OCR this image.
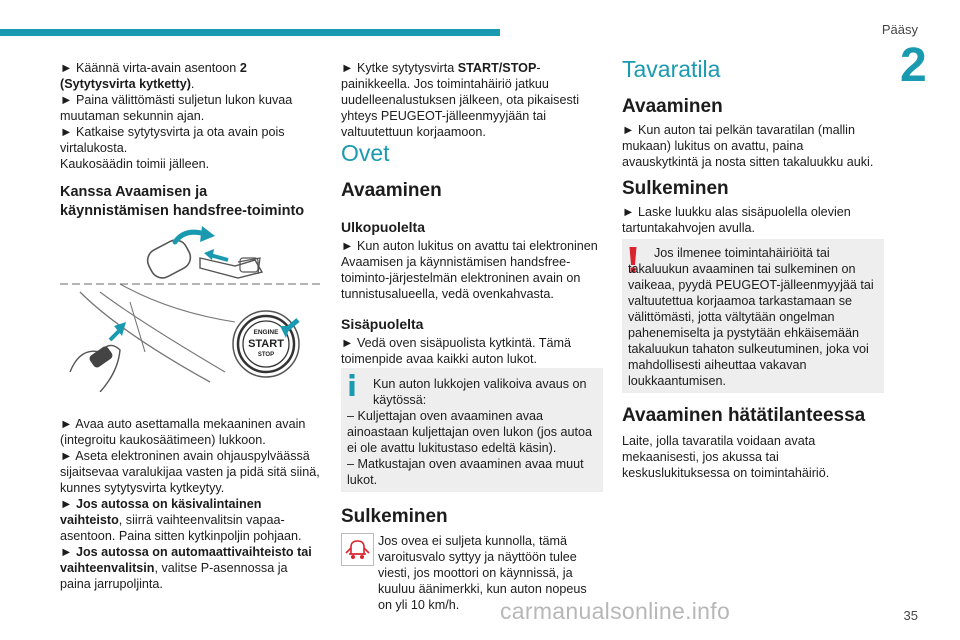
Pääsy
2

► Käännä virta-avain asentoon 2 (Sytytysvirta kytketty).

► Paina välittömästi suljetun lukon kuvaa muutaman sekunnin ajan.

► Katkaise sytytysvirta ja ota avain pois virtalukosta.

Kaukosäädin toimii jälleen.

Kanssa Avaamisen ja käynnistämisen handsfree-toiminto
ENGINE
START
STOP

► Avaa auto asettamalla mekaaninen avain (integroitu kaukosäätimeen) lukkoon.

► Aseta elektroninen avain ohjauspylväässä sijaitsevaa varalukijaa vasten ja pidä sitä siinä, kunnes sytytysvirta kytkeytyy.

► Jos autossa on käsivalintainen vaihteisto, siirrä vaihteenvalitsin vapaa-asentoon. Paina sitten kytkinpoljin pohjaan.

► Jos autossa on automaattivaihteisto tai vaihteenvalitsin, valitse P-asennossa ja paina jarrupoljinta.

► Kytke sytytysvirta START/STOP-painikkeella. Jos toimintahäiriö jatkuu uudelleenalustuksen jälkeen, ota pikaisesti yhteys PEUGEOT-jälleenmyyjään tai valtuutettuun korjaamoon.

Ovet
Avaaminen
Ulkopuolelta
► Kun auton lukitus on avattu tai elektroninen Avaamisen ja käynnistämisen handsfree-toiminto-järjestelmän elektroninen avain on tunnistusalueella, vedä ovenkahvasta.
Sisäpuolelta
► Vedä oven sisäpuolista kytkintä. Tämä toimenpide avaa kaikki auton lukot.
Kun auton lukkojen valikoiva avaus on käytössä:
– Kuljettajan oven avaaminen avaa ainoastaan kuljettajan oven lukon (jos autoa ei ole avattu lukitustaso edeltä käsin).
– Matkustajan oven avaaminen avaa muut lukot.
Sulkeminen
Jos ovea ei suljeta kunnolla, tämä varoitusvalo syttyy ja näyttöön tulee viesti, jos moottori on käynnissä, ja kuuluu äänimerkki, kun auton nopeus on yli 10 km/h.
Tavaratila
Avaaminen
► Kun auton tai pelkän tavaratilan (mallin mukaan) lukitus on avattu, paina avauskytkintä ja nosta sitten takaluukku auki.
Sulkeminen
► Laske luukku alas sisäpuolella olevien tartuntakahvojen avulla.
Jos ilmenee toimintahäiriöitä tai takaluukun avaaminen tai sulkeminen on vaikeaa, pyydä PEUGEOT-jälleenmyyjää tai valtuutettua korjaamoa tarkastamaan se välittömästi, jotta vältytään ongelman pahenemiselta ja pystytään ehkäisemään takaluukun tahaton sulkeutuminen, joka voi mahdollisesti aiheuttaa vakavan loukkaantumisen.
Avaaminen hätätilanteessa
Laite, jolla tavaratila voidaan avata mekaanisesti, jos akussa tai keskuslukituksessa on toimintahäiriö.
carmanualsonline.info	35
